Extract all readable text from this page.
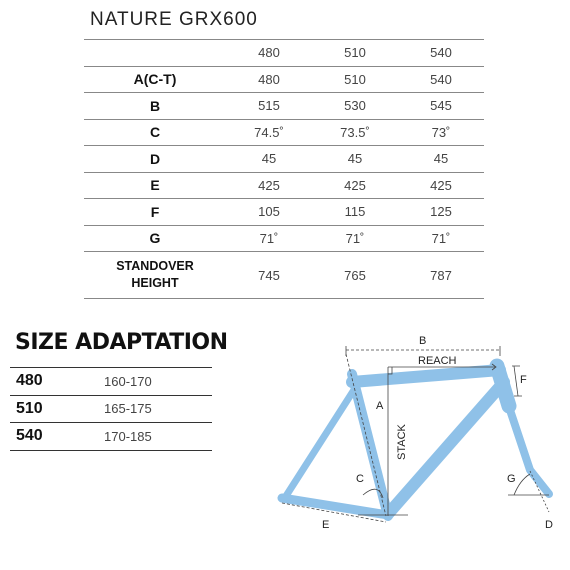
NATURE GRX600
	480	510	540
A(C-T)	480	510	540
B	515	530	545
C	74.5˚	73.5˚	73˚
D	45	45	45
E	425	425	425
F	105	115	125
G	71˚	71˚	71˚
STANDOVER
HEIGHT	745	765	787
SIZE ADAPTATION
480	160-170
510	165-175
540	170-185
B
REACH
A
F
C	G
E	D
STACK
